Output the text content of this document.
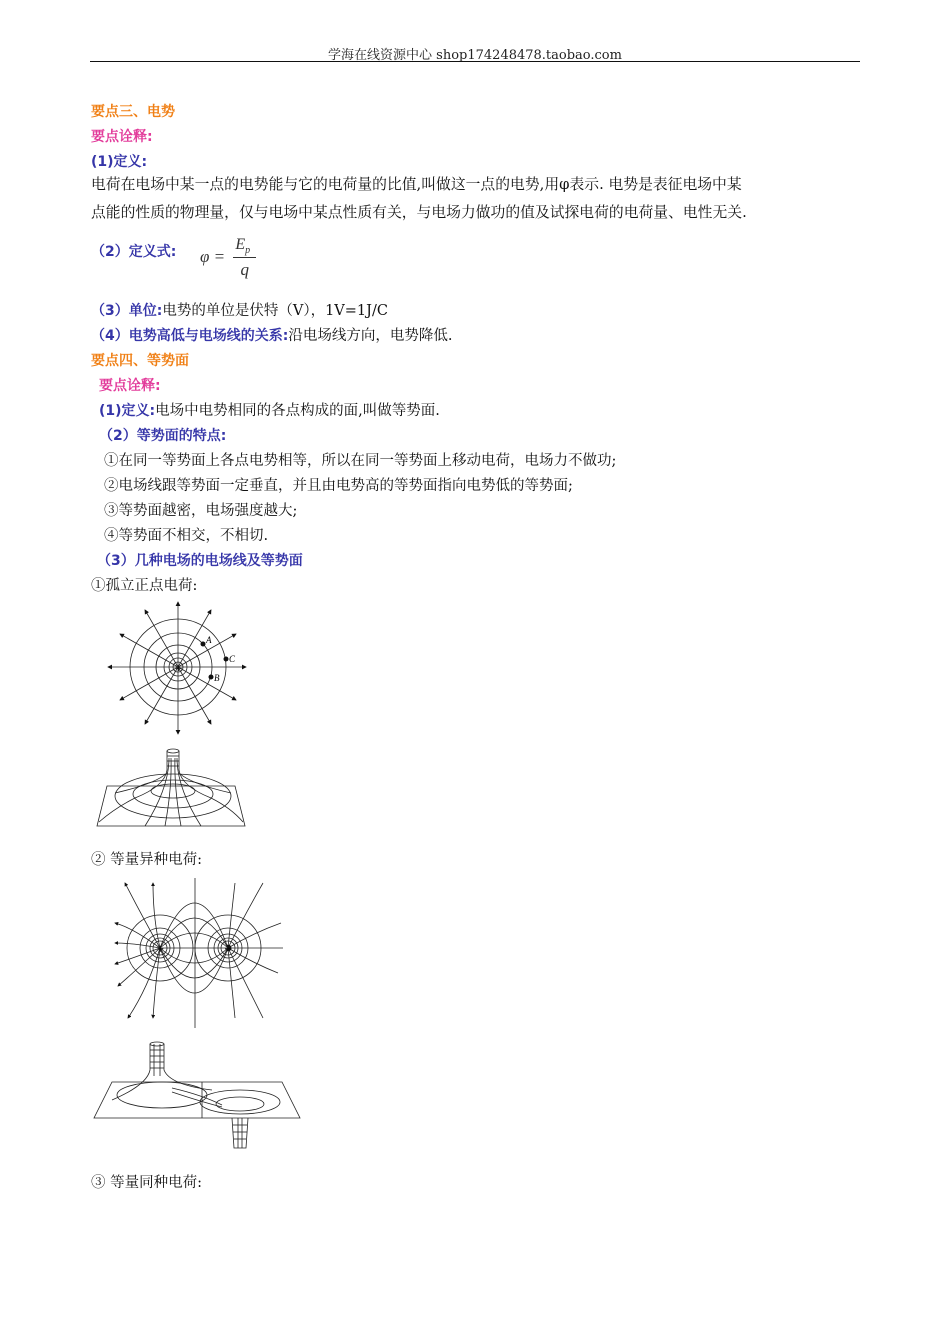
学海在线资源中心 shop174248478.taobao.com
要点三、电势
要点诠释:
(1)定义:
电荷在电场中某一点的电势能与它的电荷量的比值,叫做这一点的电势,用φ表示. 电势是表征电场中某
点能的性质的物理量，仅与电场中某点性质有关，与电场力做功的值及试探电荷的电荷量、电性无关.
（2）定义式: $\varphi = \frac{E_p}{q}$
（3）单位:电势的单位是伏特（V），1V=1J/C
（4）电势高低与电场线的关系:沿电场线方向，电势降低.
要点四、等势面
要点诠释:
(1)定义:电场中电势相同的各点构成的面,叫做等势面.
（2）等势面的特点:
①在同一等势面上各点电势相等，所以在同一等势面上移动电荷，电场力不做功;
②电场线跟等势面一定垂直，并且由电势高的等势面指向电势低的等势面;
③等势面越密，电场强度越大;
④等势面不相交，不相切.
（3）几种电场的电场线及等势面
①孤立正点电荷:
+
A
B
C
② 等量异种电荷:
+	−
③ 等量同种电荷:
